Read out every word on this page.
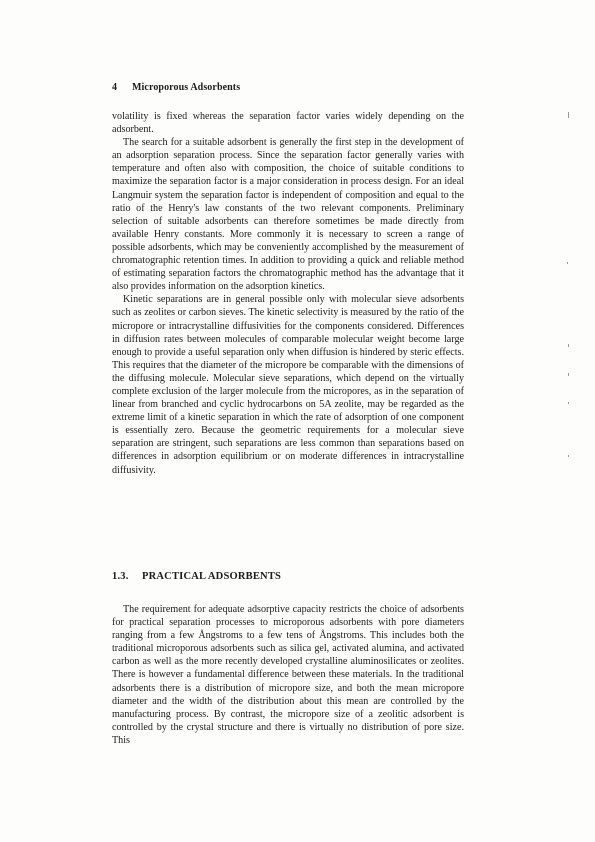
4 Microporous Adsorbents

volatility is fixed whereas the separation factor varies widely depending on the adsorbent.

The search for a suitable adsorbent is generally the first step in the development of an adsorption separation process. Since the separation factor generally varies with temperature and often also with composition, the choice of suitable conditions to maximize the separation factor is a major consideration in process design. For an ideal Langmuir system the separation factor is independent of composition and equal to the ratio of the Henry's law constants of the two relevant components. Preliminary selection of suitable adsorbents can therefore sometimes be made directly from available Henry constants. More commonly it is necessary to screen a range of possible adsorbents, which may be conveniently accomplished by the measurement of chromatographic retention times. In addition to providing a quick and reliable method of estimating separation factors the chromatographic method has the advantage that it also provides information on the adsorption kinetics.

Kinetic separations are in general possible only with molecular sieve adsorbents such as zeolites or carbon sieves. The kinetic selectivity is measured by the ratio of the micropore or intracrystalline diffusivities for the components considered. Differences in diffusion rates between molecules of comparable molecular weight become large enough to provide a useful separation only when diffusion is hindered by steric effects. This requires that the diameter of the micropore be comparable with the dimensions of the diffusing molecule. Molecular sieve separations, which depend on the virtually complete exclusion of the larger molecule from the micropores, as in the separation of linear from branched and cyclic hydrocarbons on 5A zeolite, may be regarded as the extreme limit of a kinetic separation in which the rate of adsorption of one component is essentially zero. Because the geometric requirements for a molecular sieve separation are stringent, such separations are less common than separations based on differences in adsorption equilibrium or on moderate differences in intracrystalline diffusivity.

1.3. PRACTICAL ADSORBENTS

The requirement for adequate adsorptive capacity restricts the choice of adsorbents for practical separation processes to microporous adsorbents with pore diameters ranging from a few Ångstroms to a few tens of Ångstroms. This includes both the traditional microporous adsorbents such as silica gel, activated alumina, and activated carbon as well as the more recently developed crystalline aluminosilicates or zeolites. There is however a fundamental difference between these materials. In the traditional adsorbents there is a distribution of micropore size, and both the mean micropore diameter and the width of the distribution about this mean are controlled by the manufacturing process. By contrast, the micropore size of a zeolitic adsorbent is controlled by the crystal structure and there is virtually no distribution of pore size. This
